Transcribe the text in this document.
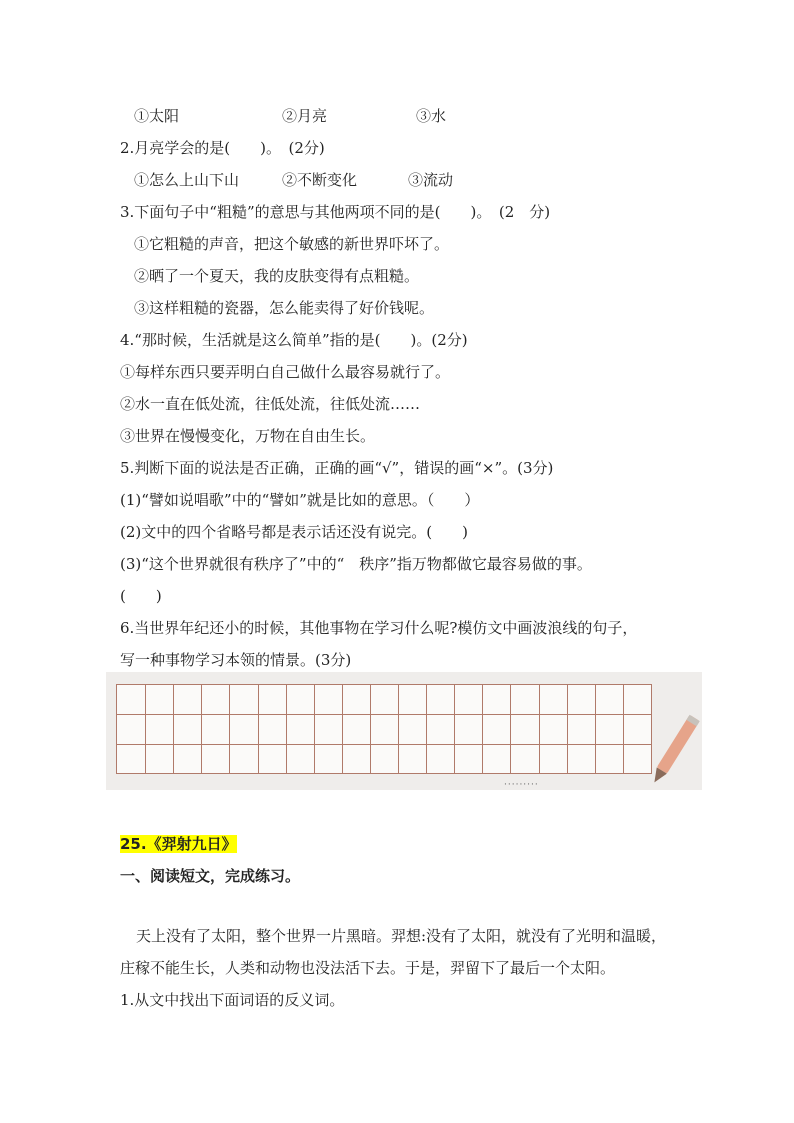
①太阳	②月亮	③水
2.月亮学会的是(　　)。　(2分)
①怎么上山下山	②不断变化	③流动
3.下面句子中“粗糙”的意思与其他两项不同的是(　　)。　(2　分)
①它粗糙的声音，把这个敏感的新世界吓坏了。
②晒了一个夏天，我的皮肤变得有点粗糙。
③这样粗糙的瓷器，怎么能卖得了好价钱呢。
4.“那时候，生活就是这么简单”指的是(　　)。(2分)
①每样东西只要弄明白自己做什么最容易就行了。
②水一直在低处流，往低处流，往低处流……
③世界在慢慢变化，万物在自由生长。
5.判断下面的说法是否正确，正确的画“√”，错误的画“×”。(3分)
(1)“譬如说唱歌”中的“譬如”就是比如的意思。（　　）
(2)文中的四个省略号都是表示话还没有说完。(　　)
(3)“这个世界就很有秩序了”中的“　秩序”指万物都做它最容易做的事。
(　　)
6.当世界年纪还小的时候，其他事物在学习什么呢?模仿文中画波浪线的句子，
写一种事物学习本领的情景。(3分)
·········
25.《羿射九日》
一、阅读短文，完成练习。
天上没有了太阳，整个世界一片黑暗。羿想:没有了太阳，就没有了光明和温暖，
庄稼不能生长，人类和动物也没法活下去。于是，羿留下了最后一个太阳。
1.从文中找出下面词语的反义词。
